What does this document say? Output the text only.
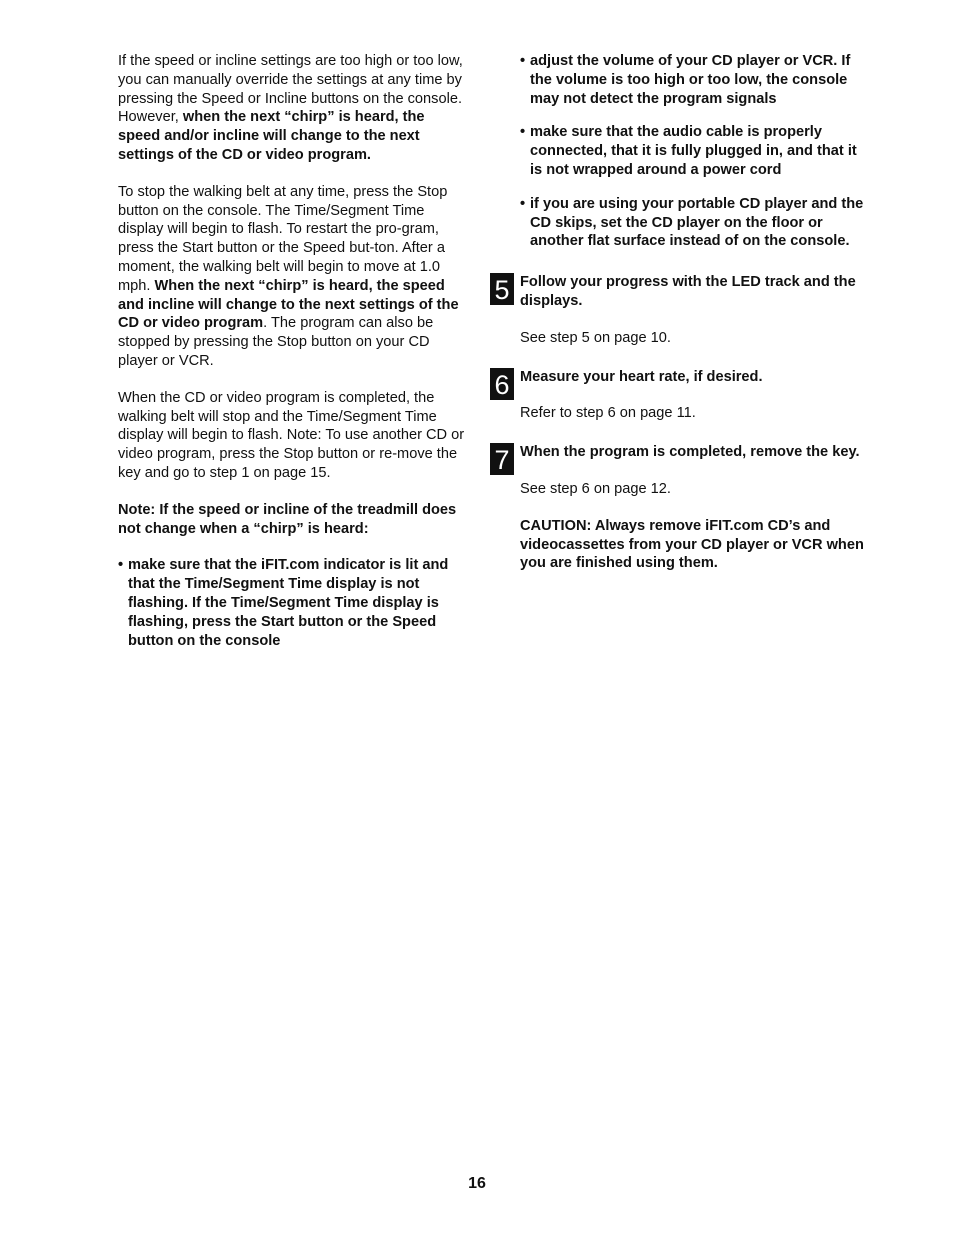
If the speed or incline settings are too high or too low, you can manually override the settings at any time by pressing the Speed or Incline buttons on the console. However, when the next “chirp” is heard, the speed and/or incline will change to the next settings of the CD or video program.

To stop the walking belt at any time, press the Stop button on the console. The Time/Segment Time display will begin to flash. To restart the pro-gram, press the Start button or the Speed but-ton. After a moment, the walking belt will begin to move at 1.0 mph. When the next “chirp” is heard, the speed and incline will change to the next settings of the CD or video program. The program can also be stopped by pressing the Stop button on your CD player or VCR.

When the CD or video program is completed, the walking belt will stop and the Time/Segment Time display will begin to flash. Note: To use another CD or video program, press the Stop button or re-move the key and go to step 1 on page 15.

Note: If the speed or incline of the treadmill does not change when a “chirp” is heard:

• make sure that the iFIT.com indicator is lit and that the Time/Segment Time display is not flashing. If the Time/Segment Time display is flashing, press the Start button or the Speed button on the console
• adjust the volume of your CD player or VCR. If the volume is too high or too low, the console may not detect the program signals
• make sure that the audio cable is properly connected, that it is fully plugged in, and that it is not wrapped around a power cord
• if you are using your portable CD player and the CD skips, set the CD player on the floor or another flat surface instead of on the console.
5 Follow your progress with the LED track and the displays.

See step 5 on page 10.

6 Measure your heart rate, if desired.

Refer to step 6 on page 11.

7 When the program is completed, remove the key.

See step 6 on page 12.

CAUTION: Always remove iFIT.com CD’s and videocassettes from your CD player or VCR when you are finished using them.

16
